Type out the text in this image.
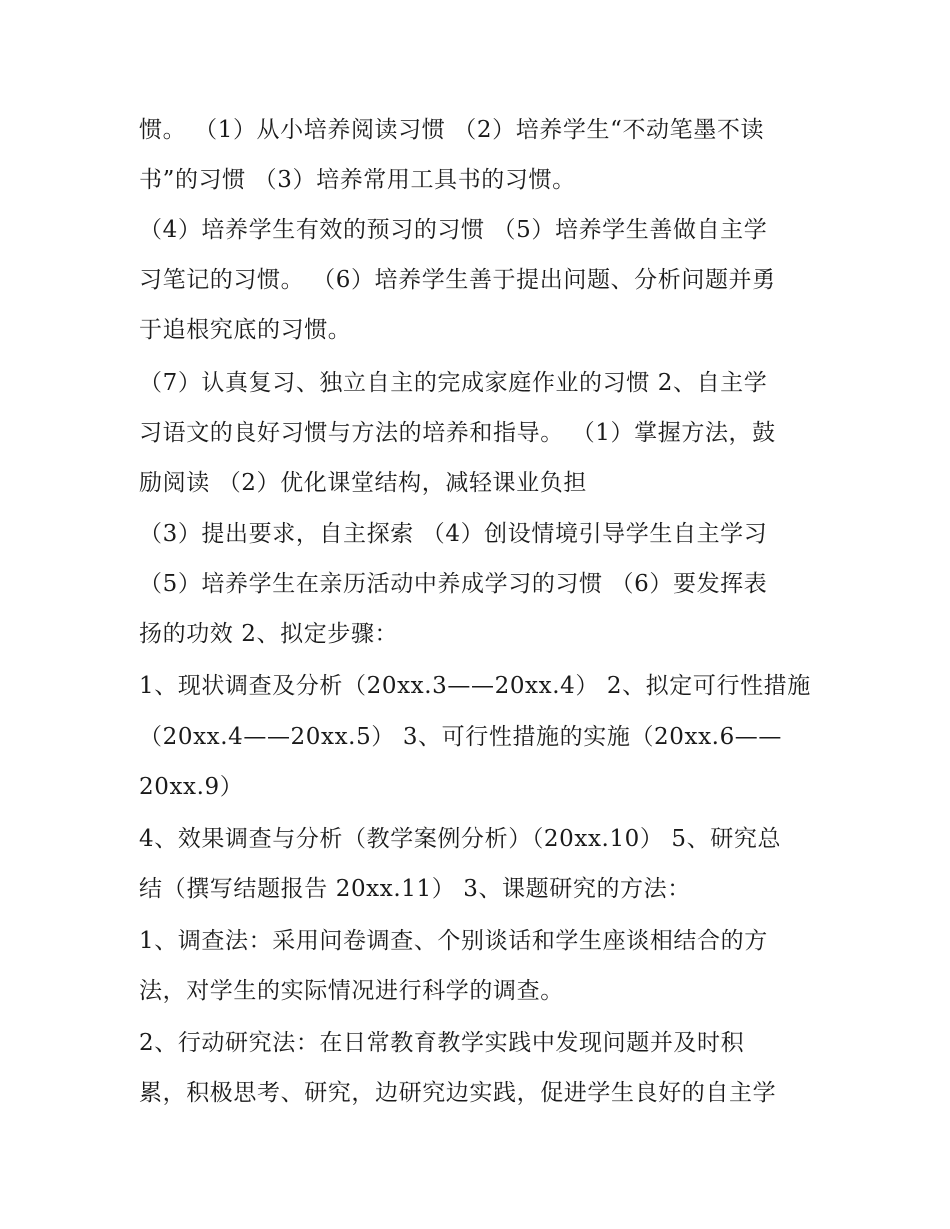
惯。 （1）从小培养阅读习惯 （2）培养学生“不动笔墨不读
书”的习惯 （3）培养常用工具书的习惯。
（4）培养学生有效的预习的习惯 （5）培养学生善做自主学
习笔记的习惯。 （6）培养学生善于提出问题、分析问题并勇
于追根究底的习惯。
（7）认真复习、独立自主的完成家庭作业的习惯 2、自主学
习语文的良好习惯与方法的培养和指导。 （1）掌握方法，鼓
励阅读 （2）优化课堂结构，减轻课业负担
（3）提出要求，自主探索 （4）创设情境引导学生自主学习
（5）培养学生在亲历活动中养成学习的习惯 （6）要发挥表
扬的功效 2、拟定步骤：
1、现状调查及分析（20xx.3——20xx.4） 2、拟定可行性措施
（20xx.4——20xx.5） 3、可行性措施的实施（20xx.6——
20xx.9）
4、效果调查与分析（教学案例分析）（20xx.10） 5、研究总
结（撰写结题报告 20xx.11） 3、课题研究的方法：
1、调查法：采用问卷调查、个别谈话和学生座谈相结合的方
法，对学生的实际情况进行科学的调查。
2、行动研究法：在日常教育教学实践中发现问题并及时积
累，积极思考、研究，边研究边实践，促进学生良好的自主学
